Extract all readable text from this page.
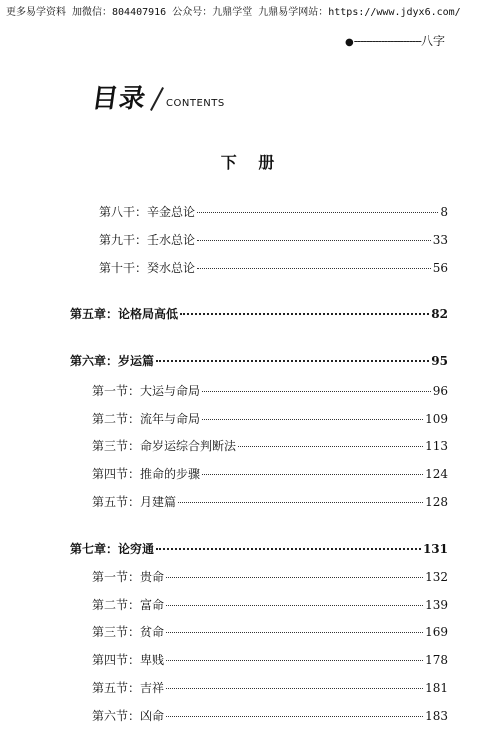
更多易学资料 加微信：804407916 公众号：九鼎学堂 九鼎易学网站：https://www.jdyx6.com/
●----------------------八字
目录 contents
下 册
第八干：辛金总论	8
第九干：壬水总论	33
第十干：癸水总论	56
第五章：论格局高低	82
第六章：岁运篇	95
第一节：大运与命局	96
第二节：流年与命局	109
第三节：命岁运综合判断法	113
第四节：推命的步骤	124
第五节：月建篇	128
第七章：论穷通	131
第一节：贵命	132
第二节：富命	139
第三节：贫命	169
第四节：卑贱	178
第五节：吉祥	181
第六节：凶命	183
